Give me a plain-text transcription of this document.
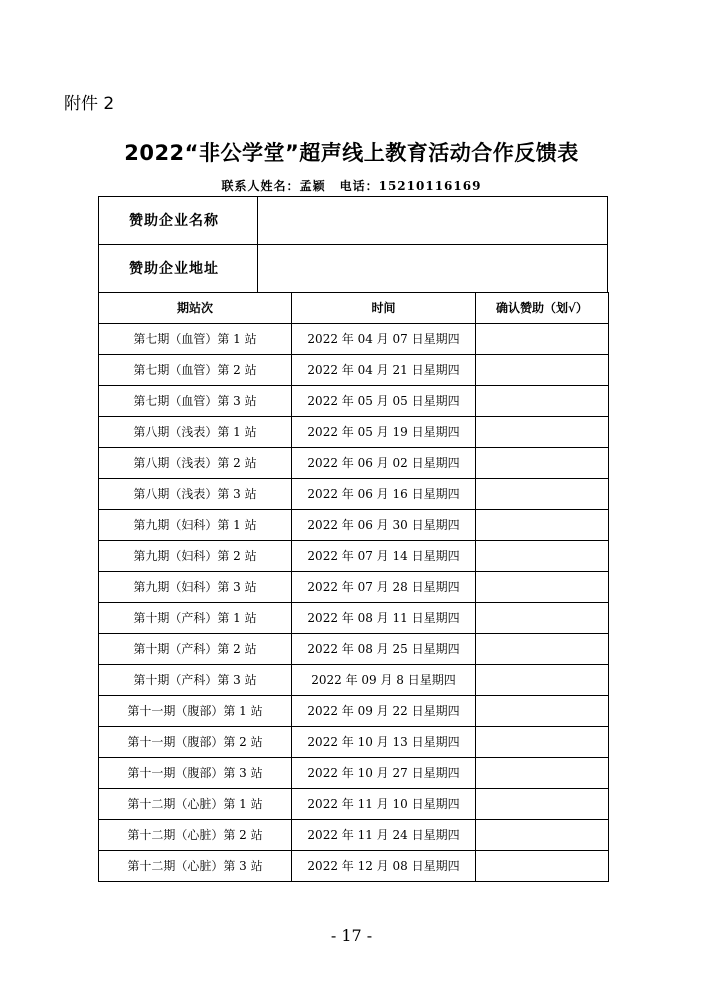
附件 2
2022“非公学堂”超声线上教育活动合作反馈表
联系人姓名：孟颖 电话：15210116169
赞助企业名称
赞助企业地址
期站次	时间	确认赞助（划√）
第七期（血管）第 1 站	2022 年 04 月 07 日星期四	
第七期（血管）第 2 站	2022 年 04 月 21 日星期四	
第七期（血管）第 3 站	2022 年 05 月 05 日星期四	
第八期（浅表）第 1 站	2022 年 05 月 19 日星期四	
第八期（浅表）第 2 站	2022 年 06 月 02 日星期四	
第八期（浅表）第 3 站	2022 年 06 月 16 日星期四	
第九期（妇科）第 1 站	2022 年 06 月 30 日星期四	
第九期（妇科）第 2 站	2022 年 07 月 14 日星期四	
第九期（妇科）第 3 站	2022 年 07 月 28 日星期四	
第十期（产科）第 1 站	2022 年 08 月 11 日星期四	
第十期（产科）第 2 站	2022 年 08 月 25 日星期四	
第十期（产科）第 3 站	2022 年 09 月 8 日星期四	
第十一期（腹部）第 1 站	2022 年 09 月 22 日星期四	
第十一期（腹部）第 2 站	2022 年 10 月 13 日星期四	
第十一期（腹部）第 3 站	2022 年 10 月 27 日星期四	
第十二期（心脏）第 1 站	2022 年 11 月 10 日星期四	
第十二期（心脏）第 2 站	2022 年 11 月 24 日星期四	
第十二期（心脏）第 3 站	2022 年 12 月 08 日星期四	
- 17 -
